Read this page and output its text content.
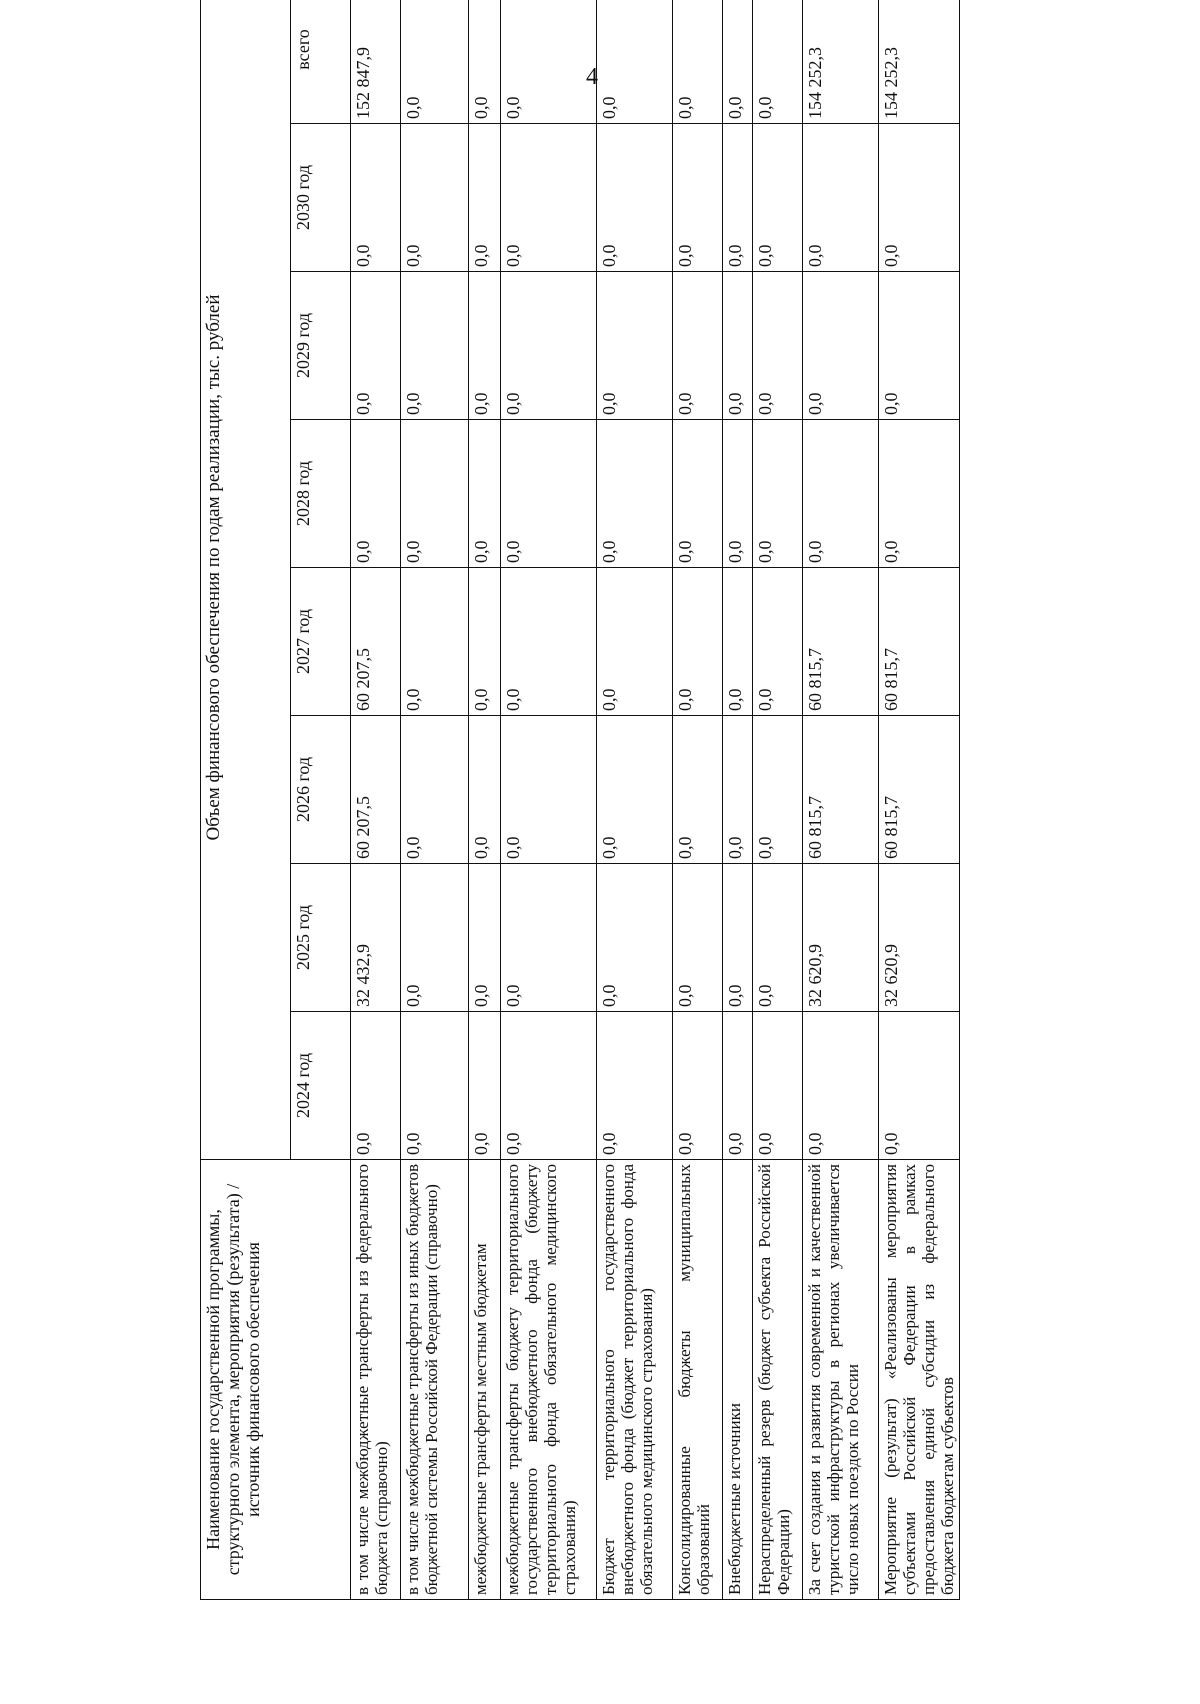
4
Наименование государственной программы, структурного элемента, мероприятия (результата) / источник финансового обеспечения	Объем финансового обеспечения по годам реализации, тыс. рублей							
	2024 год	2025 год	2026 год	2027 год	2028 год	2029 год	2030 год	всего
в том числе межбюджетные трансферты из федерального бюджета (справочно)	0,0	32 432,9	60 207,5	60 207,5	0,0	0,0	0,0	152 847,9
в том числе межбюджетные трансферты из иных бюджетов бюджетной системы Российской Федерации (справочно)	0,0	0,0	0,0	0,0	0,0	0,0	0,0	0,0
межбюджетные трансферты местным бюджетам	0,0	0,0	0,0	0,0	0,0	0,0	0,0	0,0
межбюджетные трансферты бюджету территориального государственного внебюджетного фонда (бюджету территориального фонда обязательного медицинского страхования)	0,0	0,0	0,0	0,0	0,0	0,0	0,0	0,0
Бюджет территориального государственного внебюджетного фонда (бюджет территориального фонда обязательного медицинского страхования)	0,0	0,0	0,0	0,0	0,0	0,0	0,0	0,0
Консолидированные бюджеты муниципальных образований	0,0	0,0	0,0	0,0	0,0	0,0	0,0	0,0
Внебюджетные источники	0,0	0,0	0,0	0,0	0,0	0,0	0,0	0,0
Нераспределенный резерв (бюджет субъекта Российской Федерации)	0,0	0,0	0,0	0,0	0,0	0,0	0,0	0,0
За счет создания и развития современной и качественной туристской инфраструктуры в регионах увеличивается число новых поездок по России	0,0	32 620,9	60 815,7	60 815,7	0,0	0,0	0,0	154 252,3
Мероприятие (результат) «Реализованы мероприятия субъектами Российской Федерации в рамках предоставления единой субсидии из федерального бюджета бюджетам субъектов	0,0	32 620,9	60 815,7	60 815,7	0,0	0,0	0,0	154 252,3
